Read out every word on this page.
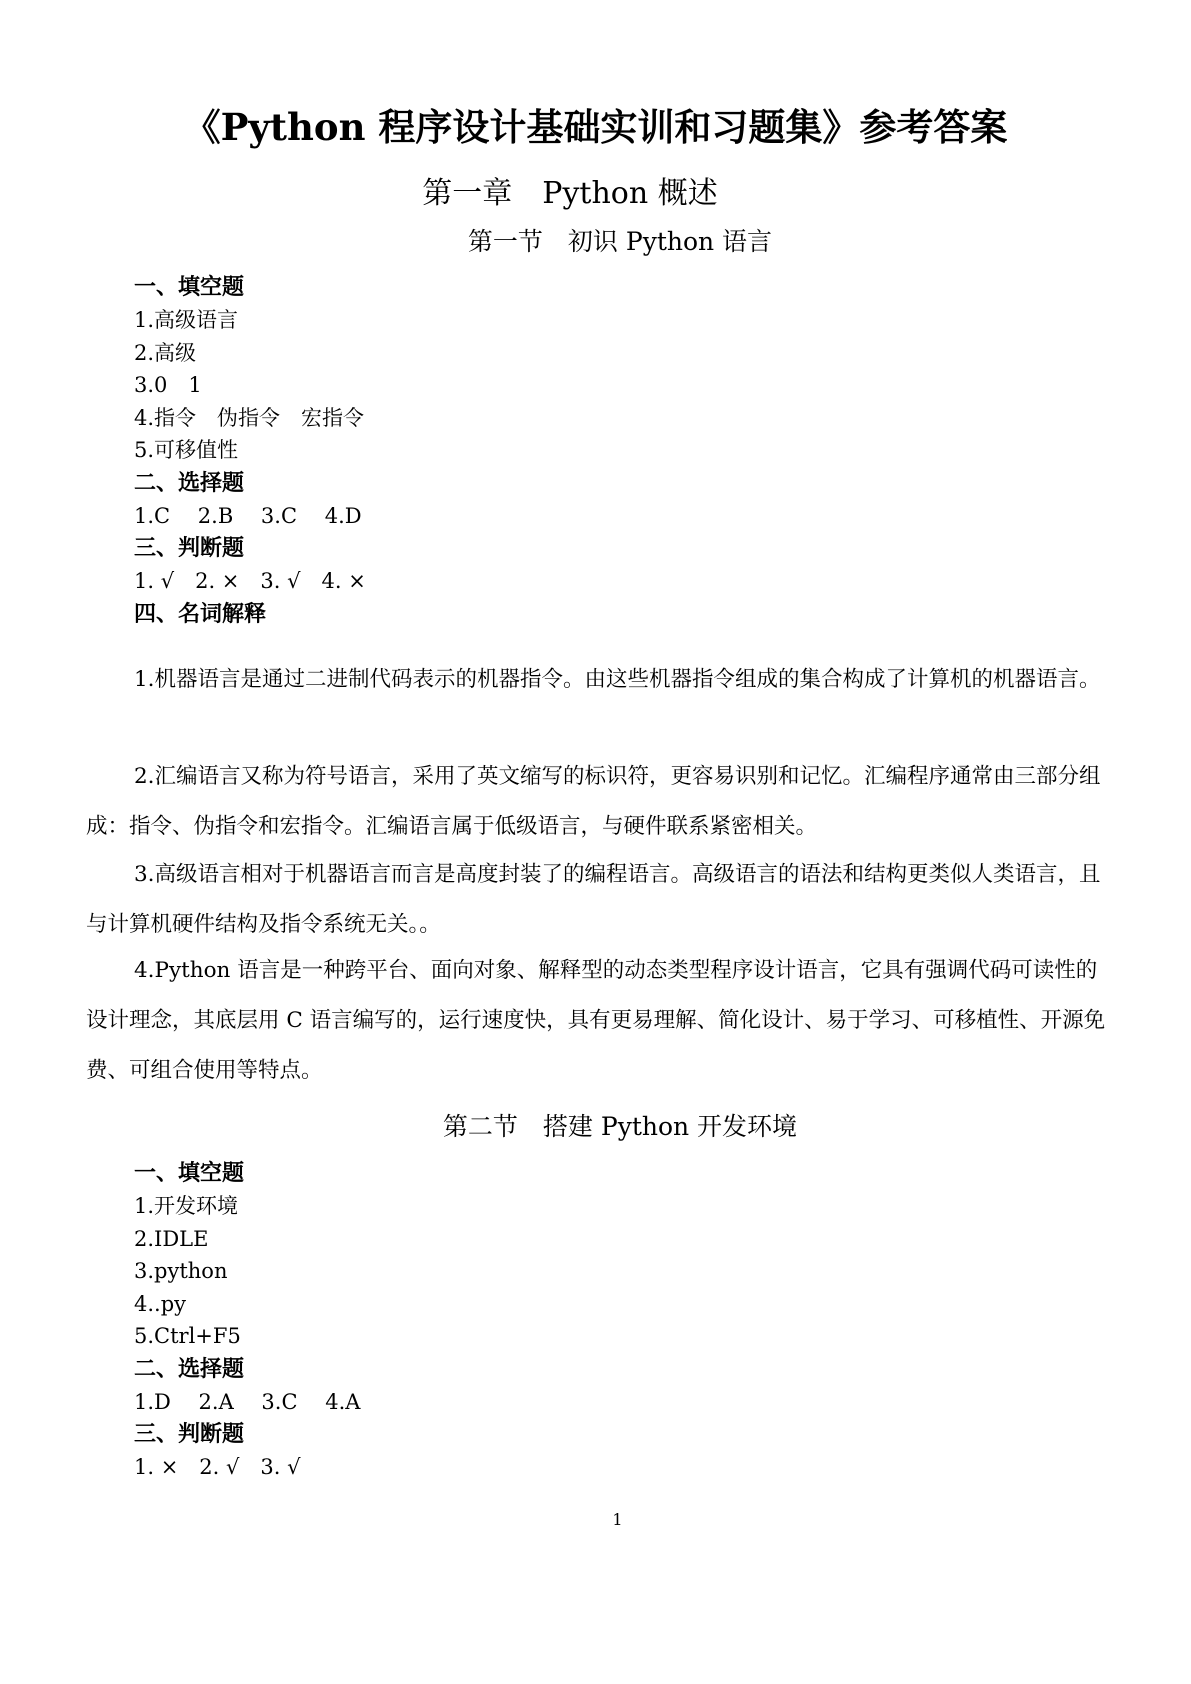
《Python 程序设计基础实训和习题集》参考答案
第一章　Python 概述
第一节　初识 Python 语言
一、填空题
1.高级语言
2.高级
3.0　1
4.指令　伪指令　宏指令
5.可移值性
二、选择题
1.C　 2.B　 3.C　 4.D
三、判断题
1. √　2. ×　3. √　4. ×
四、名词解释
1.机器语言是通过二进制代码表示的机器指令。由这些机器指令组成的集合构成了计算机的机器语言。
2.汇编语言又称为符号语言，采用了英文缩写的标识符，更容易识别和记忆。汇编程序通常由三部分组成：指令、伪指令和宏指令。汇编语言属于低级语言，与硬件联系紧密相关。
3.高级语言相对于机器语言而言是高度封装了的编程语言。高级语言的语法和结构更类似人类语言，且与计算机硬件结构及指令系统无关。。
4.Python 语言是一种跨平台、面向对象、解释型的动态类型程序设计语言，它具有强调代码可读性的设计理念，其底层用 C 语言编写的，运行速度快，具有更易理解、简化设计、易于学习、可移植性、开源免费、可组合使用等特点。
第二节　搭建 Python 开发环境
一、填空题
1.开发环境
2.IDLE
3.python
4..py
5.Ctrl+F5
二、选择题
1.D　 2.A　 3.C　 4.A
三、判断题
1. ×　2. √　3. √
1
